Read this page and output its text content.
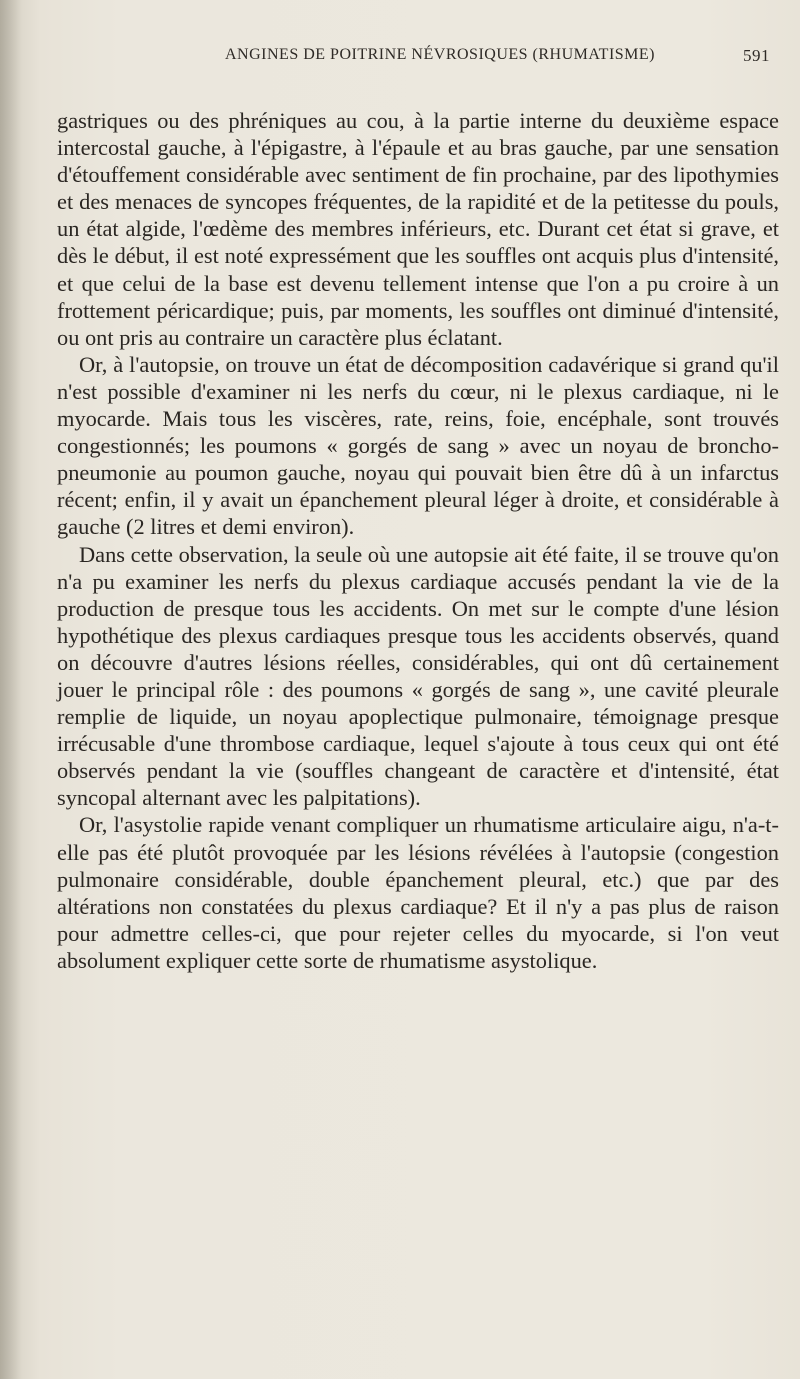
ANGINES DE POITRINE NÉVROSIQUES (RHUMATISME)	591

gastriques ou des phréniques au cou, à la partie interne du deuxième espace intercostal gauche, à l'épigastre, à l'épaule et au bras gauche, par une sensation d'étouffement considérable avec sentiment de fin prochaine, par des lipothymies et des menaces de syncopes fréquentes, de la rapidité et de la petitesse du pouls, un état algide, l'œdème des membres inférieurs, etc. Durant cet état si grave, et dès le début, il est noté expressément que les souffles ont acquis plus d'intensité, et que celui de la base est devenu tellement intense que l'on a pu croire à un frottement péricardique; puis, par moments, les souffles ont diminué d'intensité, ou ont pris au contraire un caractère plus éclatant.

Or, à l'autopsie, on trouve un état de décomposition cadavérique si grand qu'il n'est possible d'examiner ni les nerfs du cœur, ni le plexus cardiaque, ni le myocarde. Mais tous les viscères, rate, reins, foie, encéphale, sont trouvés congestionnés; les poumons « gorgés de sang » avec un noyau de broncho-pneumonie au poumon gauche, noyau qui pouvait bien être dû à un infarctus récent; enfin, il y avait un épanchement pleural léger à droite, et considérable à gauche (2 litres et demi environ).

Dans cette observation, la seule où une autopsie ait été faite, il se trouve qu'on n'a pu examiner les nerfs du plexus cardiaque accusés pendant la vie de la production de presque tous les accidents. On met sur le compte d'une lésion hypothétique des plexus cardiaques presque tous les accidents observés, quand on découvre d'autres lésions réelles, considérables, qui ont dû certainement jouer le principal rôle : des poumons « gorgés de sang », une cavité pleurale remplie de liquide, un noyau apoplectique pulmonaire, témoignage presque irrécusable d'une thrombose cardiaque, lequel s'ajoute à tous ceux qui ont été observés pendant la vie (souffles changeant de caractère et d'intensité, état syncopal alternant avec les palpitations).

Or, l'asystolie rapide venant compliquer un rhumatisme articulaire aigu, n'a-t-elle pas été plutôt provoquée par les lésions révélées à l'autopsie (congestion pulmonaire considérable, double épanchement pleural, etc.) que par des altérations non constatées du plexus cardiaque? Et il n'y a pas plus de raison pour admettre celles-ci, que pour rejeter celles du myocarde, si l'on veut absolument expliquer cette sorte de rhumatisme asystolique.
